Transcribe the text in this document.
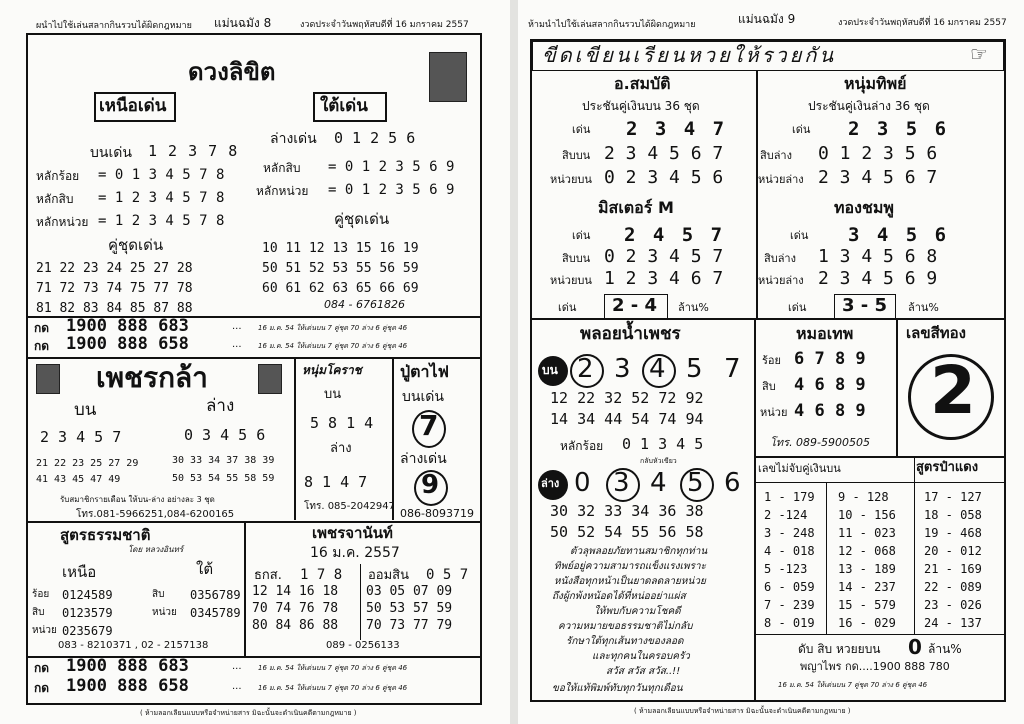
ผนำไปใช้เล่นสลากกินรวบได้ผิดกฎหมาย แม่นฉมัง 8	งวดประจำวันพฤหัสบดีที่ 16 มกราคม 2557
ดวงลิขิต
เหนือเด่น	ใต้เด่น
บนเด่น 1 2 3 7 8
หลักร้อย = 0 1 3 4 5 7 8
หลักสิบ = 1 2 3 4 5 7 8
หลักหน่วย = 1 2 3 4 5 7 8
คู่ชุดเด่น
21 22 23 24 25 27 28
71 72 73 74 75 77 78
81 82 83 84 85 87 88
ล่างเด่น 0 1 2 5 6
หลักสิบ = 0 1 2 3 5 6 9
หลักหน่วย = 0 1 2 3 5 6 9
คู่ชุดเด่น
10 11 12 13 15 16 19
50 51 52 53 55 56 59
60 61 62 63 65 66 69
084 - 6761826
กด 1900 888 683	... 16 ม.ค. 54 ให้เด่นบน 7 คู่ชุด 70 ล่าง 6 คู่ชุด 46
กด 1900 888 658	... 16 ม.ค. 54 ให้เด่นบน 7 คู่ชุด 70 ล่าง 6 คู่ชุด 46
เพชรกล้า
บน	ล่าง
2 3 4 5 7	0 3 4 5 6
21 22 23 25 27 29
41 43 45 47 49
30 33 34 37 38 39
50 53 54 55 58 59
รับสมาชิกรายเดือน ให้บน-ล่าง อย่างละ 3 ชุด
โทร.081-5966251,084-6200165
หนุ่มโคราช
บน
5 8 1 4
ล่าง
8 1 4 7
โทร. 085-2042947
ปู่ตาไฟ
บนเด่น
7
ล่างเด่น
9
086-8093719
สูตรธรรมชาติ
โดย หลวงอินทร์
เหนือ	ใต้
ร้อย 0124589
สิบ 0123579
หน่วย 0235679
สิบ 0356789
หน่วย 0345789
083 - 8210371 , 02 - 2157138
เพชรจานันท์
16 ม.ค. 2557
ธกส. 1 7 8 ออมสิน 0 5 7
12 14 16 18
70 74 76 78
80 84 86 88
03 05 07 09
50 53 57 59
70 73 77 79
089 - 0256133
กด 1900 888 683	... 16 ม.ค. 54 ให้เด่นบน 7 คู่ชุด 70 ล่าง 6 คู่ชุด 46
กด 1900 888 658	... 16 ม.ค. 54 ให้เด่นบน 7 คู่ชุด 70 ล่าง 6 คู่ชุด 46
( ห้ามลอกเลียนแบบหรือจำหน่ายสาร มิฉะนั้นจะดำเนินคดีตามกฎหมาย )
ห้ามนำไปใช้เล่นสลากกินรวบได้ผิดกฎหมาย	แม่นฉมัง 9	งวดประจำวันพฤหัสบดีที่ 16 มกราคม 2557
ขีดเขียนเรียนหวยให้รวยกัน	☞
อ.สมบัติ
ประชันคู่เงินบน 36 ชุด
เด่น 2 3 4 7
สิบบน 2 3 4 5 6 7
หน่วยบน 0 2 3 4 5 6
หนุ่มทิพย์
ประชันคู่เงินล่าง 36 ชุด
เด่น 2 3 5 6
สิบล่าง 0 1 2 3 5 6
หน่วยล่าง 2 3 4 5 6 7
มิสเตอร์ M
เด่น 2 4 5 7
สิบบน 0 2 3 4 5 7
หน่วยบน 1 2 3 4 6 7
เด่น 2 - 4 ล้าน%
ทองชมพู
เด่น 3 4 5 6
สิบล่าง 1 3 4 5 6 8
หน่วยล่าง 2 3 4 5 6 9
เด่น 3 - 5 ล้าน%
พลอยน้ำเพชร
บน 2 3 4 5 7
12 22 32 52 72 92
14 34 44 54 74 94
หลักร้อย 0 1 3 4 5
กลับหัวเขียว
ล่าง 0 3 4 5 6
30 32 33 34 36 38
50 52 54 55 56 58
ตัวลุพลอยภัยทานสมาชิกทุกท่าน
ทิพย์อยู่ความสามารถแข็งแรงเพราะ
หนังสือทุกหน้าเป็นยาดลดลายหน่วย
ถึงผู้กพ้งหน้อดได้ที่หน่ออย่าแผ่ส
ให้พบกับความโชคดี
ความหมายขอธรรมชาติไม่กลับ
รักษาใต้ทุกเส้นทางของลอด
และทุกคนในครอบครัว
สวัส สวัส สวัส..!!
ขอให้แท้พิมพ์ทับทุกวันทุกเดือน
หมอเทพ
ร้อย 6 7 8 9
สิบ 4 6 8 9
หน่วย 4 6 8 9
โทร. 089-5900505
เลขสีทอง
2
เลขไม่จับคู่เงินบน	สูตรป๋าแดง
1 - 179
2 -124
3 - 248
4 - 018
5 -123
6 - 059
7 - 239
8 - 019
9 - 128
10 - 156
11 - 023
12 - 068
13 - 189
14 - 237
15 - 579
16 - 029
17 - 127
18 - 058
19 - 468
20 - 012
21 - 169
22 - 089
23 - 026
24 - 137
ดับ สิบ หวยยบน 0 ล้าน%
พญาไพร กด....1900 888 780
16 ม.ค. 54 ให้เด่นบน 7 คู่ชุด 70 ล่าง 6 คู่ชุด 46
( ห้ามลอกเลียนแบบหรือจำหน่ายสาร มิฉะนั้นจะดำเนินคดีตามกฎหมาย )
